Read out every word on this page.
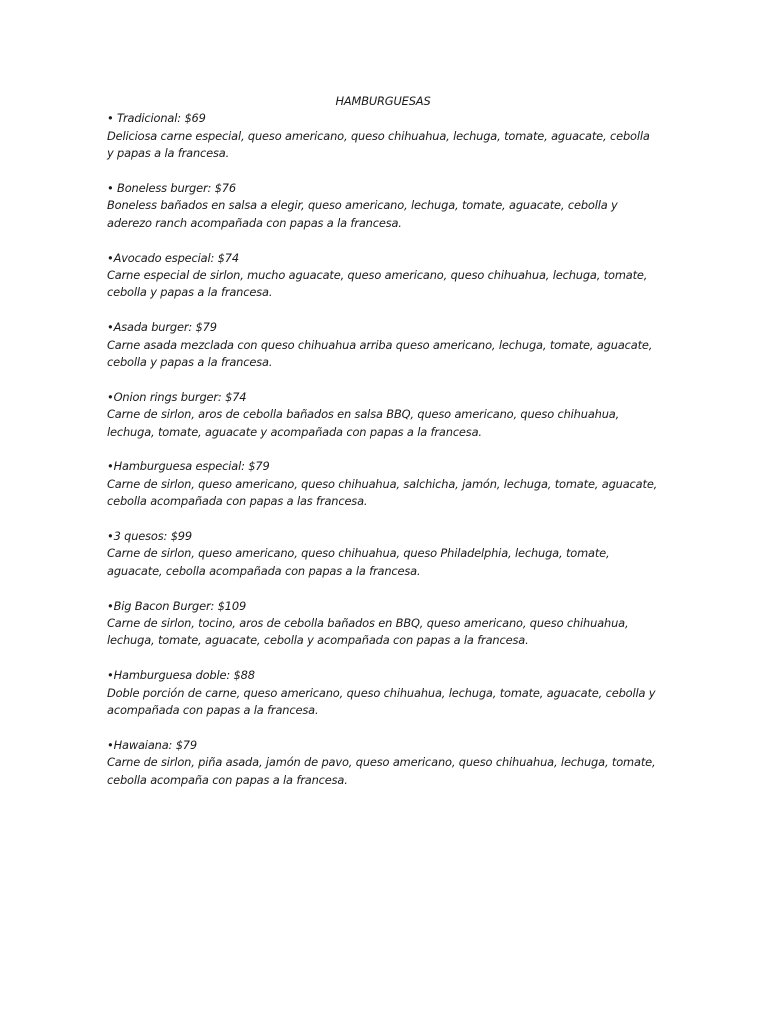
HAMBURGUESAS

• Tradicional: $69

Deliciosa carne especial, queso americano, queso chihuahua, lechuga, tomate, aguacate, cebolla y papas a la francesa.

• Boneless burger: $76

Boneless bañados en salsa a elegir, queso americano, lechuga, tomate, aguacate, cebolla y aderezo ranch acompañada con papas a la francesa.

•Avocado especial: $74

Carne especial de sirlon, mucho aguacate, queso americano, queso chihuahua, lechuga, tomate, cebolla y papas a la francesa.

•Asada burger: $79

Carne asada mezclada con queso chihuahua arriba queso americano, lechuga, tomate, aguacate, cebolla y papas a la francesa.

•Onion rings burger: $74

Carne de sirlon, aros de cebolla bañados en salsa BBQ, queso americano, queso chihuahua, lechuga, tomate, aguacate y acompañada con papas a la francesa.

•Hamburguesa especial: $79

Carne de sirlon, queso americano, queso chihuahua, salchicha, jamón, lechuga, tomate, aguacate, cebolla acompañada con papas a las francesa.

•3 quesos: $99

Carne de sirlon, queso americano, queso chihuahua, queso Philadelphia, lechuga, tomate, aguacate, cebolla acompañada con papas a la francesa.

•Big Bacon Burger: $109

Carne de sirlon, tocino, aros de cebolla bañados en BBQ, queso americano, queso chihuahua, lechuga, tomate, aguacate, cebolla y acompañada con papas a la francesa.

•Hamburguesa doble: $88

Doble porción de carne, queso americano, queso chihuahua, lechuga, tomate, aguacate, cebolla y acompañada con papas a la francesa.

•Hawaiana: $79

Carne de sirlon, piña asada, jamón de pavo, queso americano, queso chihuahua, lechuga, tomate, cebolla acompaña con papas a la francesa.
